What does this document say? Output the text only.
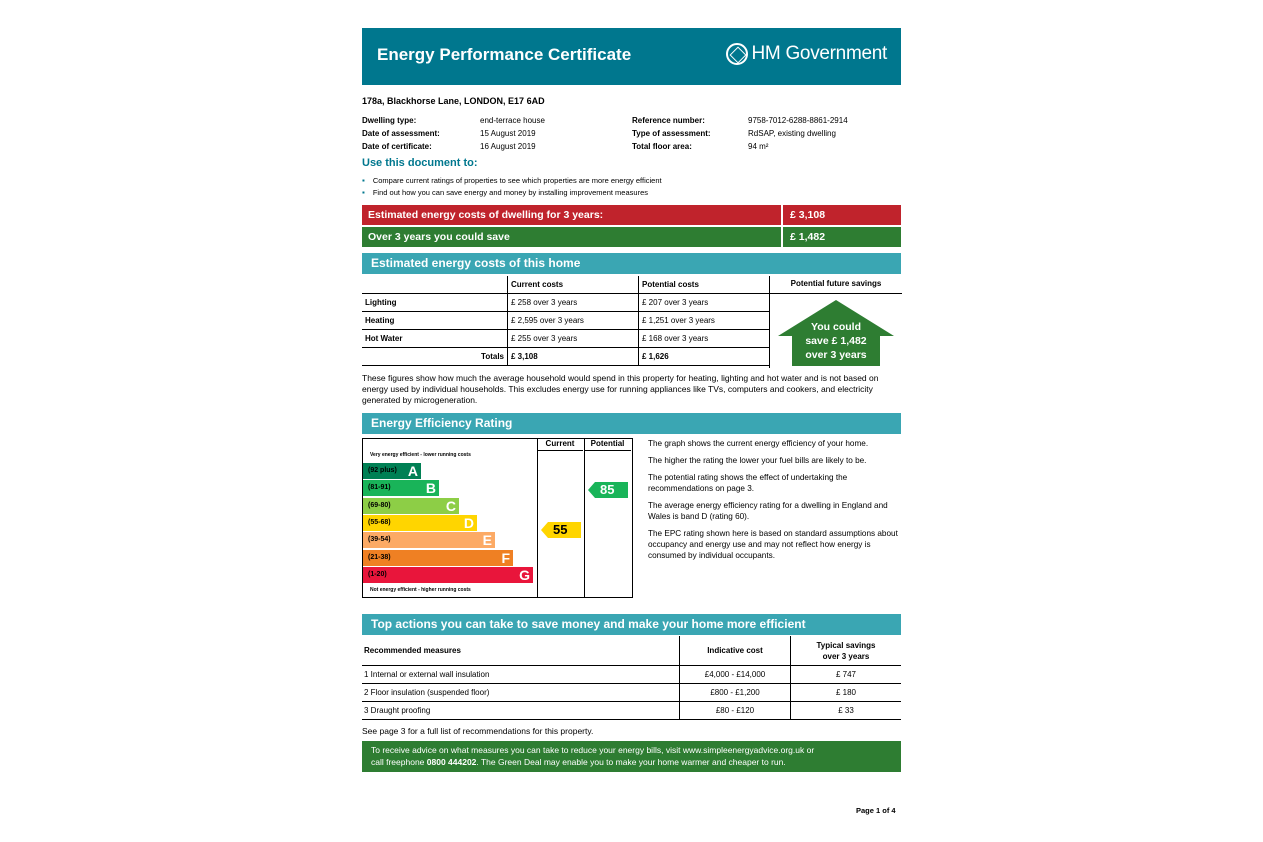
Energy Performance Certificate	HM Government
178a, Blackhorse Lane, LONDON, E17 6AD
Dwelling type:	end-terrace house
Date of assessment:	15 August 2019
Date of certificate:	16 August 2019
Reference number:	9758-7012-6288-8861-2914
Type of assessment:	RdSAP, existing dwelling
Total floor area:	94 m²
Use this document to:
▪ Compare current ratings of properties to see which properties are more energy efficient
▪ Find out how you can save energy and money by installing improvement measures
Estimated energy costs of dwelling for 3 years:	£ 3,108
Over 3 years you could save	£ 1,482
Estimated energy costs of this home
	Current costs	Potential costs
Lighting	£ 258 over 3 years	£ 207 over 3 years
Heating	£ 2,595 over 3 years	£ 1,251 over 3 years
Hot Water	£ 255 over 3 years	£ 168 over 3 years
Totals	£ 3,108	£ 1,626
Potential future savings
You could
save £ 1,482
over 3 years
These figures show how much the average household would spend in this property for heating, lighting and hot water and is not based on energy used by individual households. This excludes energy use for running appliances like TVs, computers and cookers, and electricity generated by microgeneration.
Energy Efficiency Rating
Current	Potential
Very energy efficient - lower running costs
(92 plus) A
(81-91)	B
(69-80)	C
(55-68)	D
(39-54)	E
(21-38)	F
(1-20)	G
Not energy efficient - higher running costs
55
85

The graph shows the current energy efficiency of your home.

The higher the rating the lower your fuel bills are likely to be.

The potential rating shows the effect of undertaking the recommendations on page 3.

The average energy efficiency rating for a dwelling in England and Wales is band D (rating 60).

The EPC rating shown here is based on standard assumptions about occupancy and energy use and may not reflect how energy is consumed by individual occupants.

Top actions you can take to save money and make your home more efficient
Recommended measures	Indicative cost	Typical savings
over 3 years

1 Internal or external wall insulation	£4,000 - £14,000	£ 747
2 Floor insulation (suspended floor)	£800 - £1,200	£ 180
3 Draught proofing	£80 - £120	£ 33
See page 3 for a full list of recommendations for this property.
To receive advice on what measures you can take to reduce your energy bills, visit www.simpleenergyadvice.org.uk or
call freephone 0800 444202. The Green Deal may enable you to make your home warmer and cheaper to run.
Page 1 of 4
